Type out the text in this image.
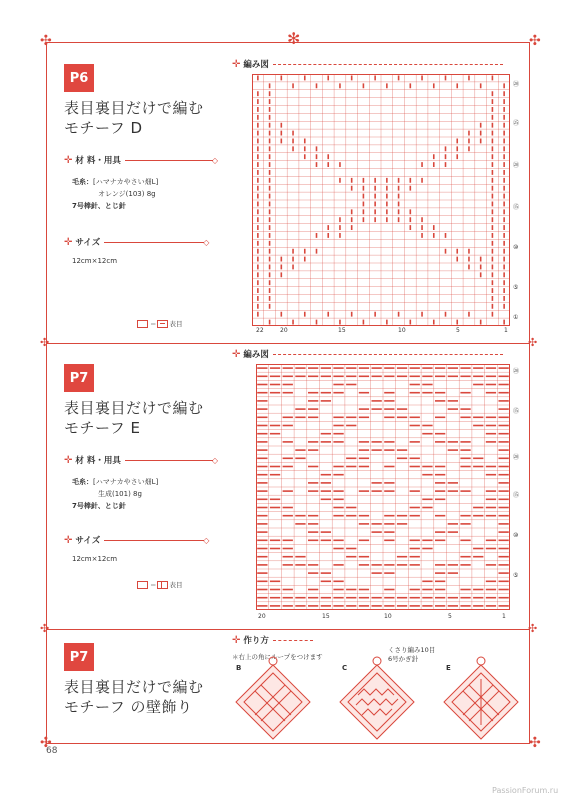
✣	✣
✣	✣
✻
✣	✣
✣	✣
P6
表目裏目だけで編む
モチーフ D
✛ 材 料・用具	◇
毛糸：[ハマナカやさい畑L]
オレンジ(103) 8g
7号棒針、とじ針
✛ サイズ	◇
12cm×12cm
＝ 表目
✛ 編み図
22	20	15	10	5	1
⑳
㉕
⑳
⑮
⑩
⑤
①
P7
表目裏目だけで編む
モチーフ E
✛ 材 料・用具	◇
毛糸：[ハマナカやさい畑L]
生成(101) 8g
7号棒針、とじ針
✛ サイズ	◇
12cm×12cm
＝ 表目
✛ 編み図
20	15	10	5	1
⑳
⑮
⑳
⑮
⑩
⑤
P7
表目裏目だけで編む
モチーフ の壁飾り
✛ 作り方
＊右上の角にループをつけます
くさり編み10目
6号かぎ針
B	C	E
68
PassionForum.ru
